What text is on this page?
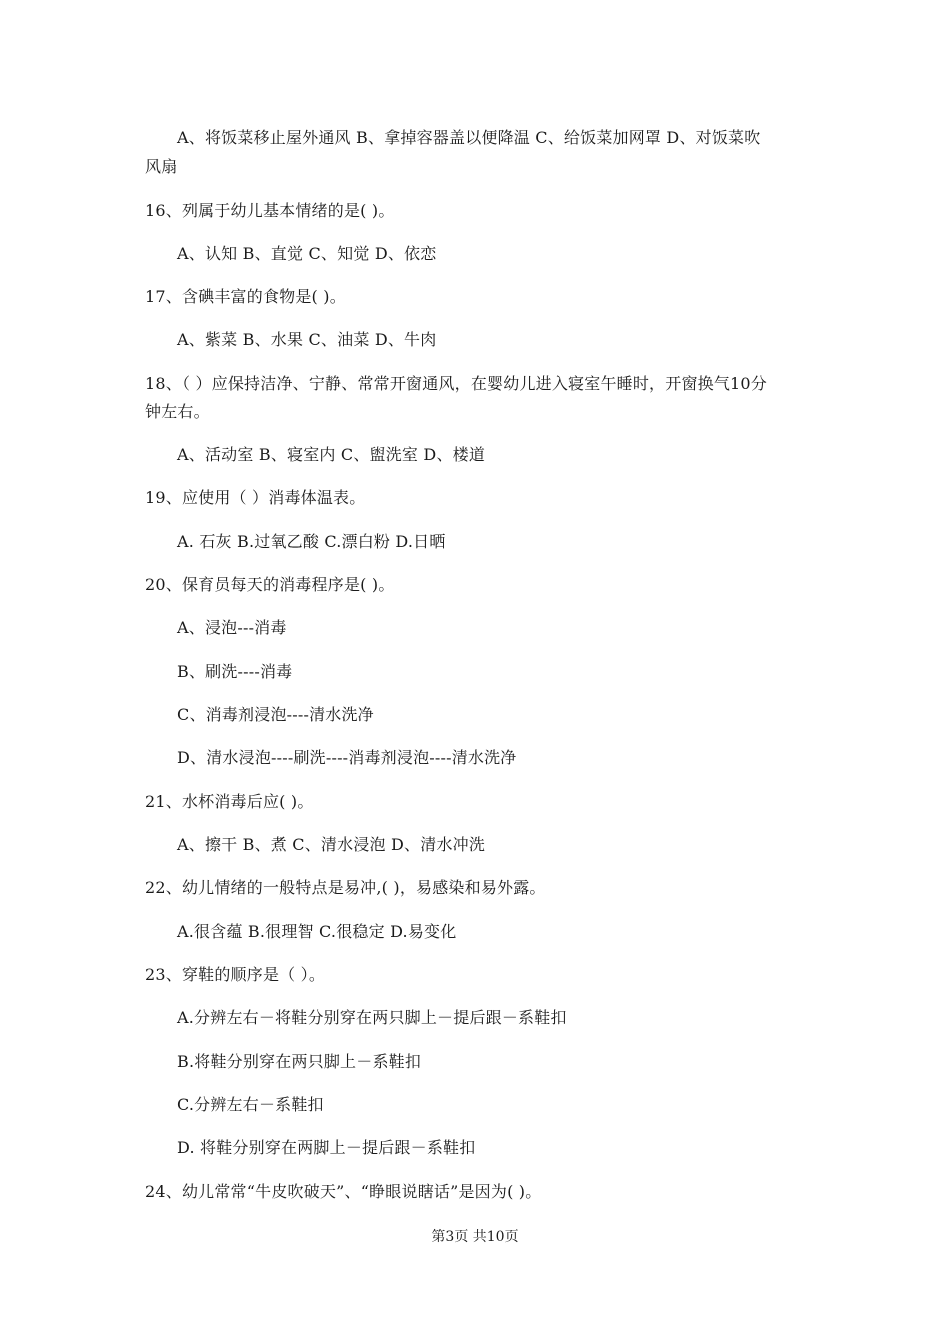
A、将饭菜移止屋外通风 B、拿掉容器盖以便降温 C、给饭菜加网罩 D、对饭菜吹
风扇
16、列属于幼儿基本情绪的是( )。
A、认知 B、直觉 C、知觉 D、依恋
17、含碘丰富的食物是( )。
A、紫菜 B、水果 C、油菜 D、牛肉
18、（ ）应保持洁净、宁静、常常开窗通风，在婴幼儿进入寝室午睡时，开窗换气10分
钟左右。
A、活动室 B、寝室内 C、盥洗室 D、楼道
19、应使用（ ）消毒体温表。
A. 石灰 B.过氧乙酸 C.漂白粉 D.日晒
20、保育员每天的消毒程序是( )。
A、浸泡---消毒
B、刷洗----消毒
C、消毒剂浸泡----清水洗净
D、清水浸泡----刷洗----消毒剂浸泡----清水洗净
21、水杯消毒后应( )。
A、擦干 B、煮 C、清水浸泡 D、清水冲洗
22、幼儿情绪的一般特点是易冲,( )，易感染和易外露。
A.很含蕴 B.很理智 C.很稳定 D.易变化
23、穿鞋的顺序是（ ）。
A.分辨左右－将鞋分别穿在两只脚上－提后跟－系鞋扣
B.将鞋分别穿在两只脚上－系鞋扣
C.分辨左右－系鞋扣
D. 将鞋分别穿在两脚上－提后跟－系鞋扣
24、幼儿常常“牛皮吹破天”、“睁眼说瞎话”是因为( )。
第3页 共10页
